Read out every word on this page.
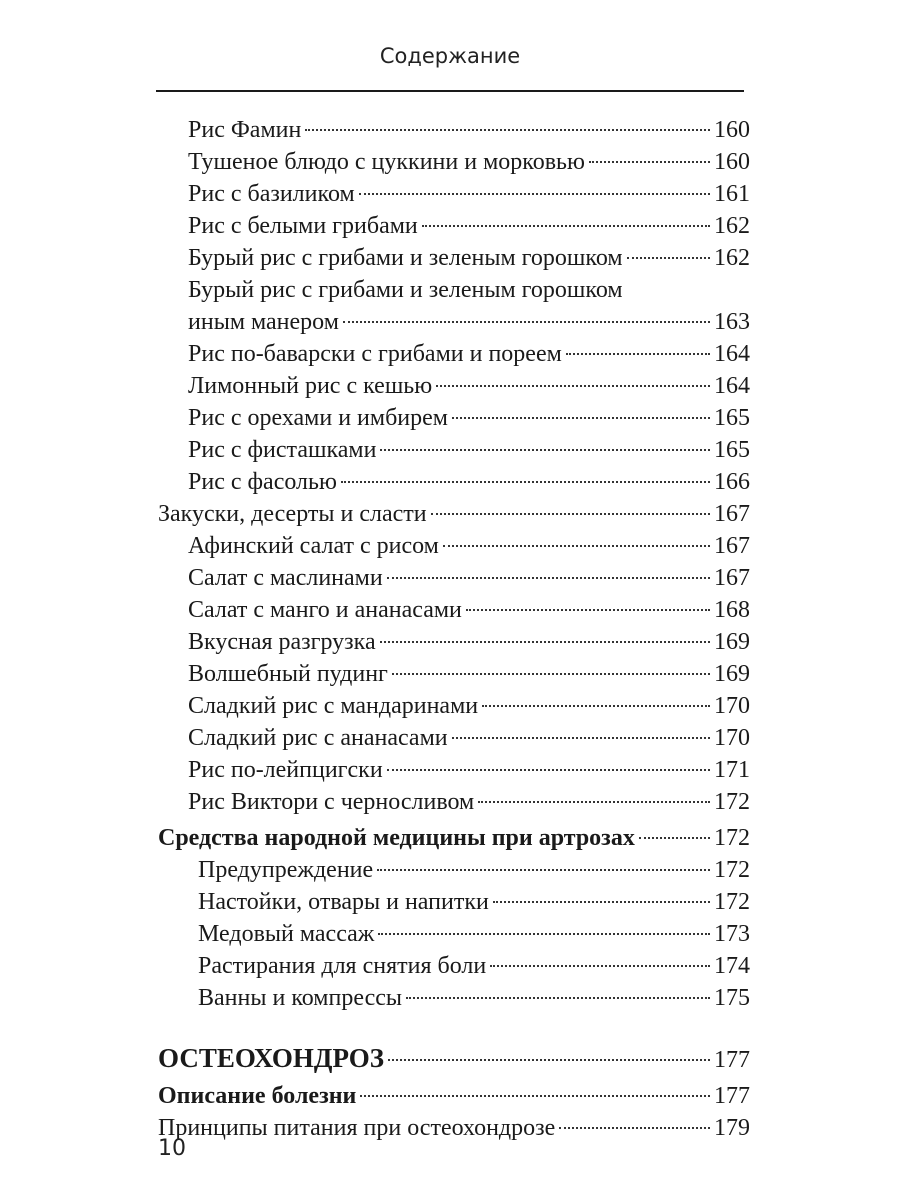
Содержание
Рис Фамин	160
Тушеное блюдо с цуккини и морковью	160
Рис с базиликом	161
Рис с белыми грибами	162
Бурый рис с грибами и зеленым горошком	162
Бурый рис с грибами и зеленым горошком
иным манером	163
Рис по-баварски с грибами и пореем	164
Лимонный рис с кешью	164
Рис с орехами и имбирем	165
Рис с фисташками	165
Рис с фасолью	166
Закуски, десерты и сласти	167
Афинский салат с рисом	167
Салат с маслинами	167
Салат с манго и ананасами	168
Вкусная разгрузка	169
Волшебный пудинг	169
Сладкий рис с мандаринами	170
Сладкий рис с ананасами	170
Рис по-лейпцигски	171
Рис Виктори с черносливом	172
Средства народной медицины при артрозах	172
Предупреждение	172
Настойки, отвары и напитки	172
Медовый массаж	173
Растирания для снятия боли	174
Ванны и компрессы	175
ОСТЕОХОНДРОЗ	177
Описание болезни	177
Принципы питания при остеохондрозе	179
10
